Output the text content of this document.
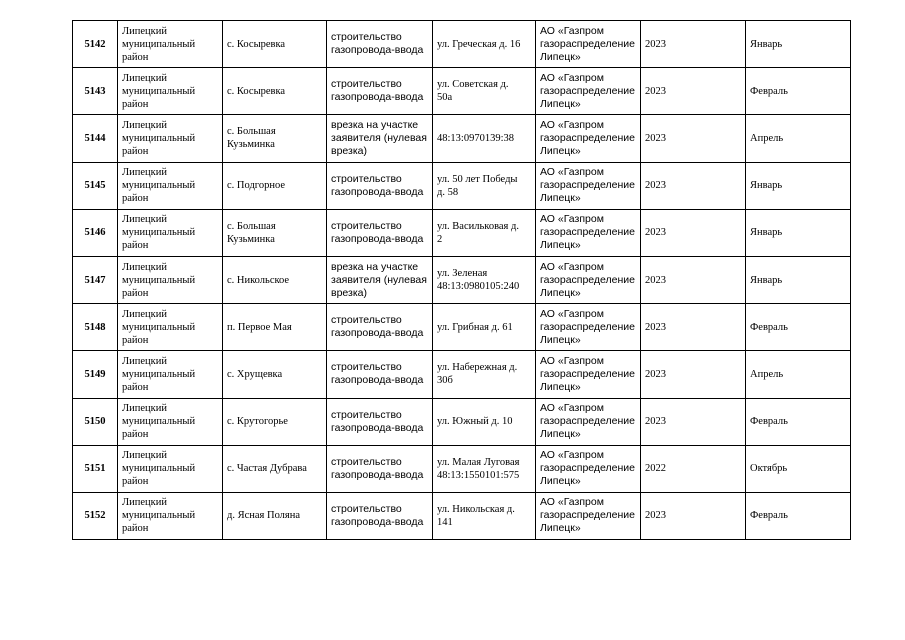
5142	Липецкий
муниципальный
район	с. Косыревка	строительство
газопровода-ввода	ул. Греческая д. 16	АО «Газпром
газораспределение
Липецк»	2023	Январь
5143	Липецкий
муниципальный
район	с. Косыревка	строительство
газопровода-ввода	ул. Советская д.
50а	АО «Газпром
газораспределение
Липецк»	2023	Февраль
5144	Липецкий
муниципальный
район	с. Большая
Кузьминка	врезка на участке
заявителя (нулевая
врезка)	48:13:0970139:38	АО «Газпром
газораспределение
Липецк»	2023	Апрель
5145	Липецкий
муниципальный
район	с. Подгорное	строительство
газопровода-ввода	ул. 50 лет Победы
д. 58	АО «Газпром
газораспределение
Липецк»	2023	Январь
5146	Липецкий
муниципальный
район	с. Большая
Кузьминка	строительство
газопровода-ввода	ул. Васильковая д.
2	АО «Газпром
газораспределение
Липецк»	2023	Январь
5147	Липецкий
муниципальный
район	с. Никольское	врезка на участке
заявителя (нулевая
врезка)	ул. Зеленая
48:13:0980105:240	АО «Газпром
газораспределение
Липецк»	2023	Январь
5148	Липецкий
муниципальный
район	п. Первое Мая	строительство
газопровода-ввода	ул. Грибная д. 61	АО «Газпром
газораспределение
Липецк»	2023	Февраль
5149	Липецкий
муниципальный
район	с. Хрущевка	строительство
газопровода-ввода	ул. Набережная д.
30б	АО «Газпром
газораспределение
Липецк»	2023	Апрель
5150	Липецкий
муниципальный
район	с. Крутогорье	строительство
газопровода-ввода	ул. Южный д. 10	АО «Газпром
газораспределение
Липецк»	2023	Февраль
5151	Липецкий
муниципальный
район	с. Частая Дубрава	строительство
газопровода-ввода	ул. Малая Луговая
48:13:1550101:575	АО «Газпром
газораспределение
Липецк»	2022	Октябрь
5152	Липецкий
муниципальный
район	д. Ясная Поляна	строительство
газопровода-ввода	ул. Никольская д.
141	АО «Газпром
газораспределение
Липецк»	2023	Февраль
